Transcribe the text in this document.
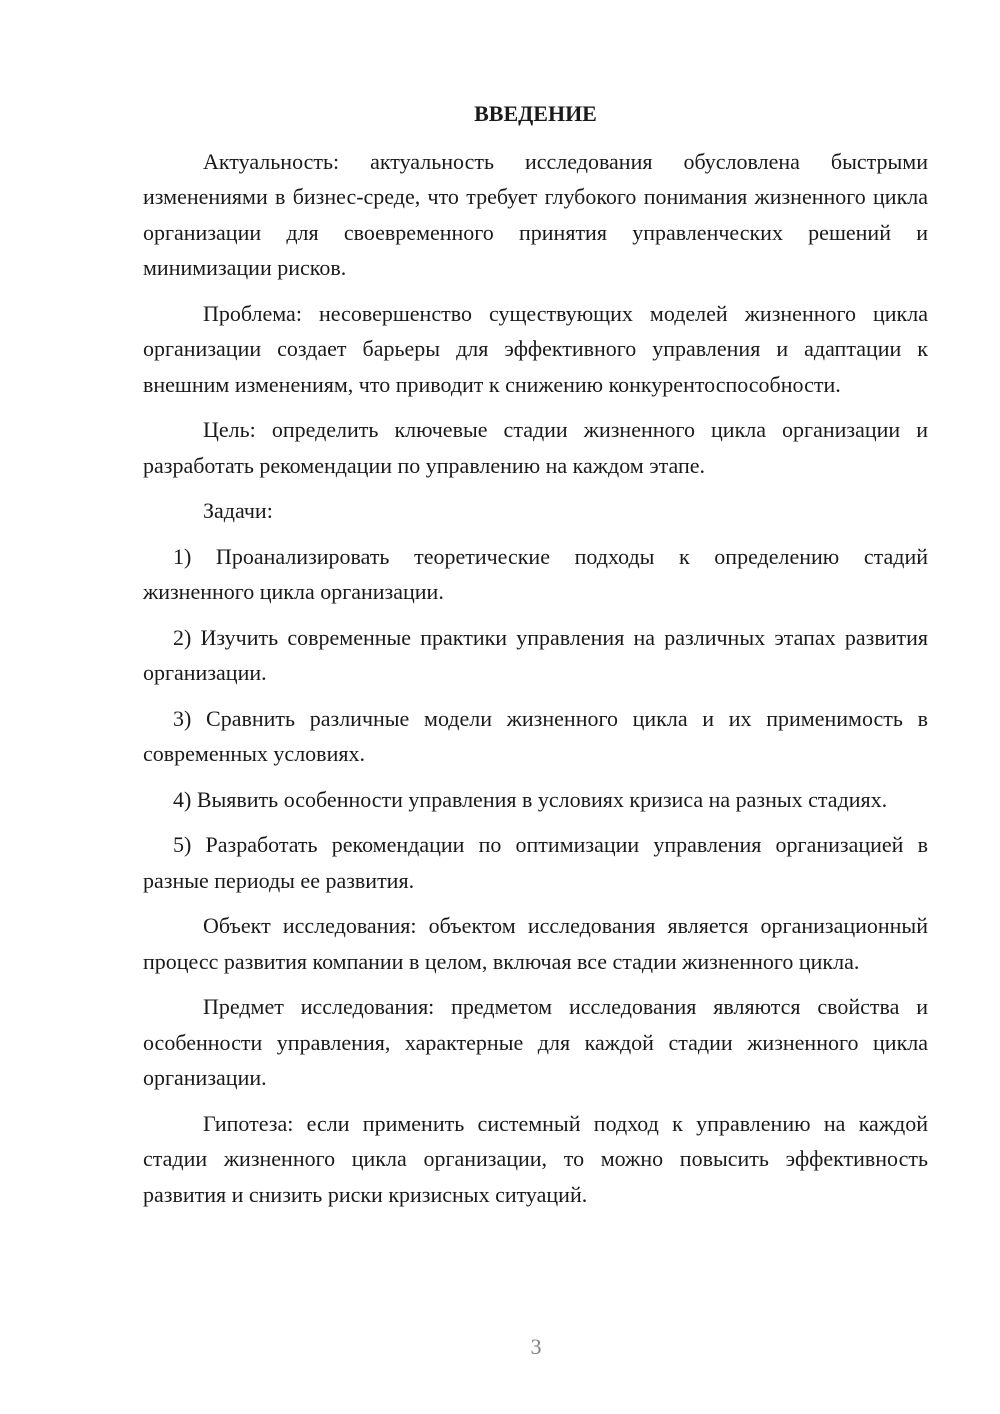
ВВЕДЕНИЕ

Актуальность: актуальность исследования обусловлена быстрыми изменениями в бизнес-среде, что требует глубокого понимания жизненного цикла организации для своевременного принятия управленческих решений и минимизации рисков.

Проблема: несовершенство существующих моделей жизненного цикла организации создает барьеры для эффективного управления и адаптации к внешним изменениям, что приводит к снижению конкурентоспособности.

Цель: определить ключевые стадии жизненного цикла организации и разработать рекомендации по управлению на каждом этапе.

Задачи:

1) Проанализировать теоретические подходы к определению стадий жизненного цикла организации.

2) Изучить современные практики управления на различных этапах развития организации.

3) Сравнить различные модели жизненного цикла и их применимость в современных условиях.

4) Выявить особенности управления в условиях кризиса на разных стадиях.

5) Разработать рекомендации по оптимизации управления организацией в разные периоды ее развития.

Объект исследования: объектом исследования является организационный процесс развития компании в целом, включая все стадии жизненного цикла.

Предмет исследования: предметом исследования являются свойства и особенности управления, характерные для каждой стадии жизненного цикла организации.

Гипотеза: если применить системный подход к управлению на каждой стадии жизненного цикла организации, то можно повысить эффективность развития и снизить риски кризисных ситуаций.

3
